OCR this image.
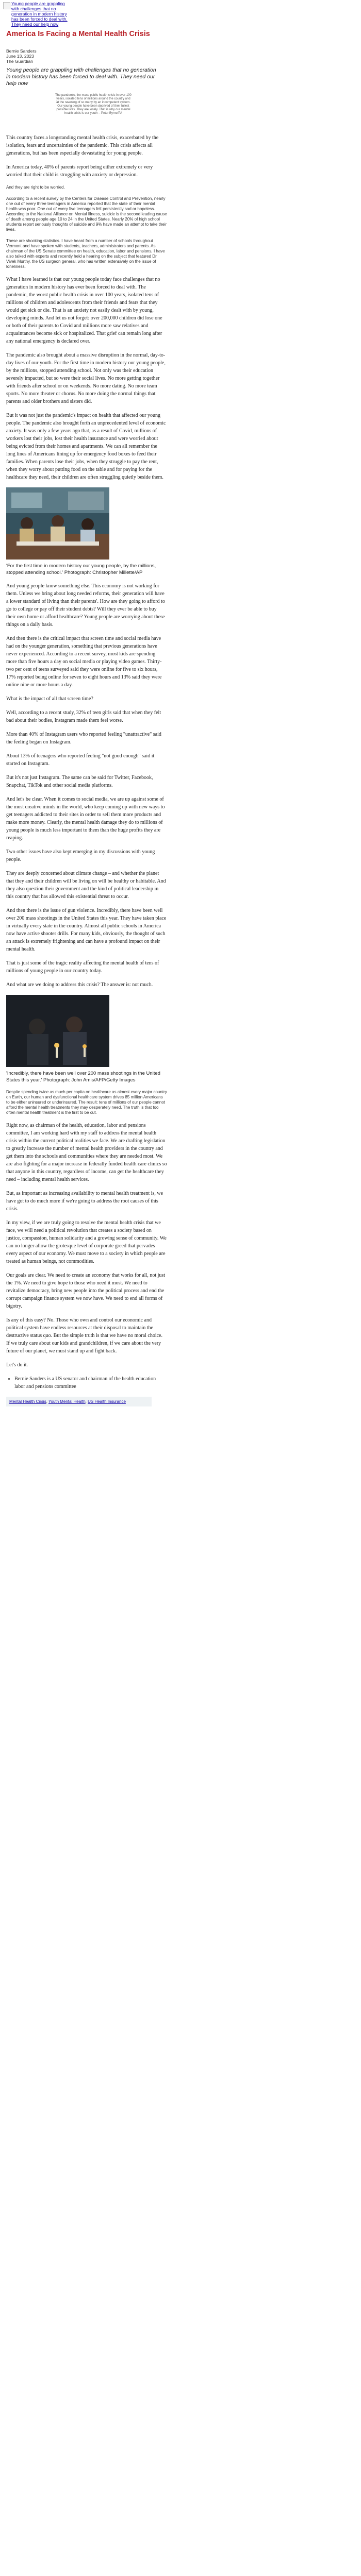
Young people are grappling with challenges that no generation in modern history has been forced to deal with. They need our help now
America Is Facing a Mental Health Crisis
Bernie Sanders
June 13, 2023
The Guardian
Young people are grappling with challenges that no generation in modern history has been forced to deal with. They need our help now
The pandemic, the mass public health crisis in over 100 years, isolated tens of millions around the country and at the ravening of so many by an incompetent system. Our young people have been deprived of their fullest possible lives. They are lonely. That is why our mental health crisis is our youth – Peter Byrne/PA

This country faces a longstanding mental health crisis, exacerbated by the isolation, fears and uncertainties of the pandemic. This crisis affects all generations, but has been especially devastating for young people.

In America today, 40% of parents report being either extremely or very worried that their child is struggling with anxiety or depression.

And they are right to be worried.

According to a recent survey by the Centers for Disease Control and Prevention, nearly one out of every three teenagers in America reported that the state of their mental health was poor. One out of every five teenagers felt persistently sad or hopeless. According to the National Alliance on Mental Illness, suicide is the second leading cause of death among people age 10 to 24 in the United States. Nearly 20% of high school students report seriously thoughts of suicide and 9% have made an attempt to take their lives.

These are shocking statistics. I have heard from a number of schools throughout Vermont and have spoken with students, teachers, administrators and parents. As chairman of the US Senate committee on health, education, labor and pensions, I have also talked with experts and recently held a hearing on the subject that featured Dr Vivek Murthy, the US surgeon general, who has written extensively on the issue of loneliness.

What I have learned is that our young people today face challenges that no generation in modern history has ever been forced to deal with. The pandemic, the worst public health crisis in over 100 years, isolated tens of millions of children and adolescents from their friends and fears that they would get sick or die. That is an anxiety not easily dealt with by young, developing minds. And let us not forget: over 200,000 children did lose one or both of their parents to Covid and millions more saw relatives and acquaintances become sick or hospitalized. That grief can remain long after any national emergency is declared over.

The pandemic also brought about a massive disruption in the normal, day-to-day lives of our youth. For the first time in modern history our young people, by the millions, stopped attending school. Not only was their education severely impacted, but so were their social lives. No more getting together with friends after school or on weekends. No more dating. No more team sports. No more theater or chorus. No more doing the normal things that parents and older brothers and sisters did.

But it was not just the pandemic's impact on health that affected our young people. The pandemic also brought forth an unprecedented level of economic anxiety. It was only a few years ago that, as a result of Covid, millions of workers lost their jobs, lost their health insurance and were worried about being evicted from their homes and apartments. We can all remember the long lines of Americans lining up for emergency food boxes to feed their families. When parents lose their jobs, when they struggle to pay the rent, when they worry about putting food on the table and for paying for the healthcare they need, their children are often struggling quietly beside them.

'For the first time in modern history our young people, by the millions, stopped attending school.' Photograph: Christopher Millette/AP

And young people know something else. This economy is not working for them. Unless we bring about long needed reforms, their generation will have a lower standard of living than their parents'. How are they going to afford to go to college or pay off their student debts? Will they ever be able to buy their own home or afford healthcare? Young people are worrying about these things on a daily basis.

And then there is the critical impact that screen time and social media have had on the younger generation, something that previous generations have never experienced. According to a recent survey, most kids are spending more than five hours a day on social media or playing video games. Thirty-two per cent of teens surveyed said they were online for five to six hours, 17% reported being online for seven to eight hours and 13% said they were online nine or more hours a day.

What is the impact of all that screen time?

Well, according to a recent study, 32% of teen girls said that when they felt bad about their bodies, Instagram made them feel worse.

More than 40% of Instagram users who reported feeling "unattractive" said the feeling began on Instagram.

About 13% of teenagers who reported feeling "not good enough" said it started on Instagram.

But it's not just Instagram. The same can be said for Twitter, Facebook, Snapchat, TikTok and other social media platforms.

And let's be clear. When it comes to social media, we are up against some of the most creative minds in the world, who keep coming up with new ways to get teenagers addicted to their sites in order to sell them more products and make more money. Clearly, the mental health damage they do to millions of young people is much less important to them than the huge profits they are reaping.

Two other issues have also kept emerging in my discussions with young people.

They are deeply concerned about climate change – and whether the planet that they and their children will be living on will be healthy or habitable. And they also question their government and the kind of political leadership in this country that has allowed this existential threat to occur.

And then there is the issue of gun violence. Incredibly, there have been well over 200 mass shootings in the United States this year. They have taken place in virtually every state in the country. Almost all public schools in America now have active shooter drills. For many kids, obviously, the thought of such an attack is extremely frightening and can have a profound impact on their mental health.

That is just some of the tragic reality affecting the mental health of tens of millions of young people in our country today.

And what are we doing to address this crisis? The answer is: not much.

'Incredibly, there have been well over 200 mass shootings in the United States this year.' Photograph: John Amis/AFP/Getty Images

Despite spending twice as much per capita on healthcare as almost every major country on Earth, our human and dysfunctional healthcare system drives 85 million Americans to be either uninsured or underinsured. The result: tens of millions of our people cannot afford the mental health treatments they may desperately need. The truth is that too often mental health treatment is the first to be cut.

Right now, as chairman of the health, education, labor and pensions committee, I am working hard with my staff to address the mental health crisis within the current political realities we face. We are drafting legislation to greatly increase the number of mental health providers in the country and get them into the schools and communities where they are needed most. We are also fighting for a major increase in federally funded health care clinics so that anyone in this country, regardless of income, can get the healthcare they need – including mental health services.

But, as important as increasing availability to mental health treatment is, we have got to do much more if we're going to address the root causes of this crisis.

In my view, if we are truly going to resolve the mental health crisis that we face, we will need a political revolution that creates a society based on justice, compassion, human solidarity and a growing sense of community. We can no longer allow the grotesque level of corporate greed that pervades every aspect of our economy. We must move to a society in which people are treated as human beings, not commodities.

Our goals are clear. We need to create an economy that works for all, not just the 1%. We need to give hope to those who need it most. We need to revitalize democracy, bring new people into the political process and end the corrupt campaign finance system we now have. We need to end all forms of bigotry.

Is any of this easy? No. Those who own and control our economic and political system have endless resources at their disposal to maintain the destructive status quo. But the simple truth is that we have no moral choice. If we truly care about our kids and grandchildren, if we care about the very future of our planet, we must stand up and fight back.

Let's do it.

• Bernie Sanders is a US senator and chairman of the health education labor and pensions committee
Mental Health Crisis, Youth Mental Health, US Health Insurance
